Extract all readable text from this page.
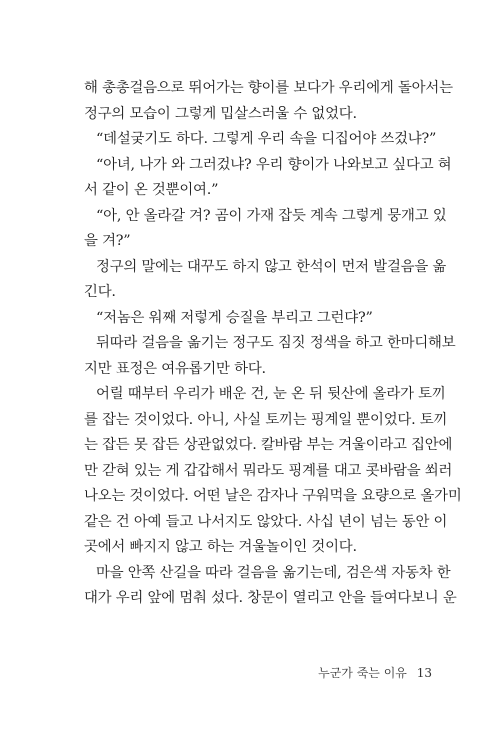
해 총총걸음으로 뛰어가는 향이를 보다가 우리에게 돌아서는
정구의 모습이 그렇게 밉살스러울 수 없었다.
“데설궂기도 하다. 그렇게 우리 속을 디집어야 쓰겄냐?”
“아녀, 나가 와 그러겄냐? 우리 향이가 나와보고 싶다고 혀
서 같이 온 것뿐이여.”
“아, 안 올라갈 겨? 곰이 가재 잡듯 계속 그렇게 뭉개고 있
을 겨?”
정구의 말에는 대꾸도 하지 않고 한석이 먼저 발걸음을 옮
긴다.
“저놈은 워째 저렇게 승질을 부리고 그런댜?”
뒤따라 걸음을 옮기는 정구도 짐짓 정색을 하고 한마디해보
지만 표정은 여유롭기만 하다.
어릴 때부터 우리가 배운 건, 눈 온 뒤 뒷산에 올라가 토끼
를 잡는 것이었다. 아니, 사실 토끼는 핑계일 뿐이었다. 토끼
는 잡든 못 잡든 상관없었다. 칼바람 부는 겨울이라고 집안에
만 갇혀 있는 게 갑갑해서 뭐라도 핑계를 대고 콧바람을 쐬러
나오는 것이었다. 어떤 날은 감자나 구워먹을 요량으로 올가미
같은 건 아예 들고 나서지도 않았다. 사십 년이 넘는 동안 이
곳에서 빠지지 않고 하는 겨울놀이인 것이다.
마을 안쪽 산길을 따라 걸음을 옮기는데, 검은색 자동차 한
대가 우리 앞에 멈춰 섰다. 창문이 열리고 안을 들여다보니 운
누군가 죽는 이유 13
